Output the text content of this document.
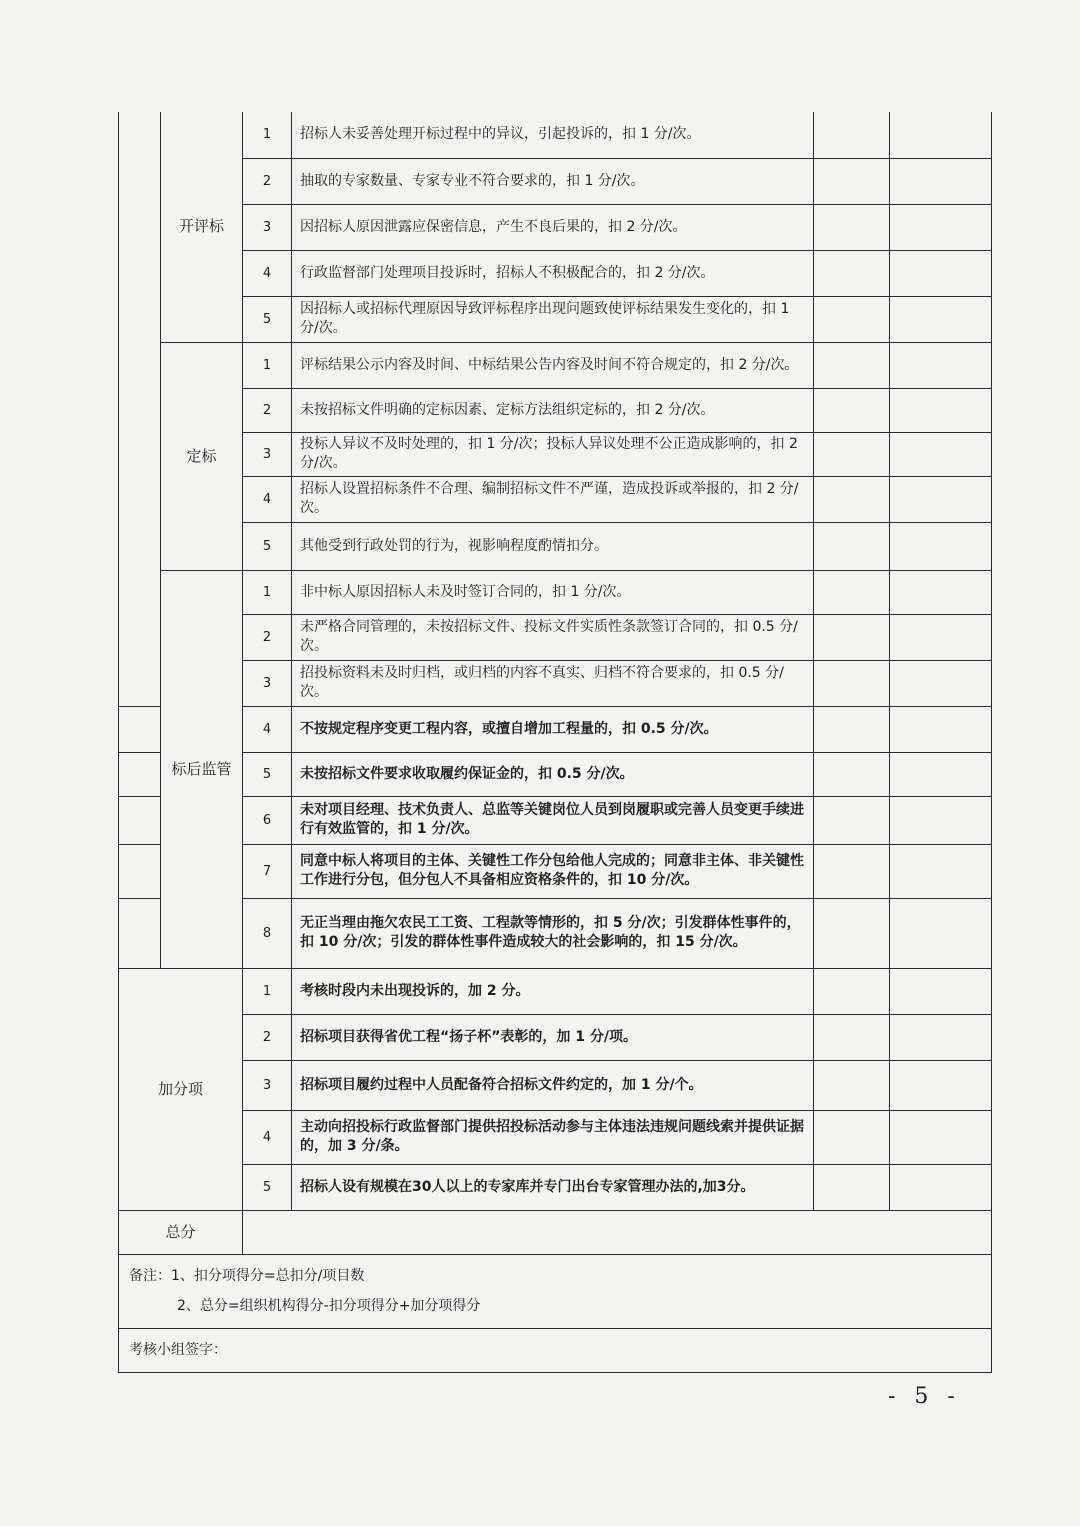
	开评标	1	招标人未妥善处理开标过程中的异议，引起投诉的，扣 1 分/次。		
		2	抽取的专家数量、专家专业不符合要求的，扣 1 分/次。		
		3	因招标人原因泄露应保密信息，产生不良后果的，扣 2 分/次。		
		4	行政监督部门处理项目投诉时，招标人不积极配合的，扣 2 分/次。		
		5	因招标人或招标代理原因导致评标程序出现问题致使评标结果发生变化的，扣 1 分/次。		
	定标	1	评标结果公示内容及时间、中标结果公告内容及时间不符合规定的，扣 2 分/次。		
		2	未按招标文件明确的定标因素、定标方法组织定标的，扣 2 分/次。		
		3	投标人异议不及时处理的，扣 1 分/次；投标人异议处理不公正造成影响的，扣 2 分/次。		
		4	招标人设置招标条件不合理、编制招标文件不严谨，造成投诉或举报的，扣 2 分/次。		
		5	其他受到行政处罚的行为，视影响程度酌情扣分。		
	标后监管	1	非中标人原因招标人未及时签订合同的，扣 1 分/次。		
		2	未严格合同管理的，未按招标文件、投标文件实质性条款签订合同的，扣 0.5 分/次。		
		3	招投标资料未及时归档，或归档的内容不真实、归档不符合要求的，扣 0.5 分/次。		
		4	不按规定程序变更工程内容，或擅自增加工程量的，扣 0.5 分/次。		
		5	未按招标文件要求收取履约保证金的，扣 0.5 分/次。		
		6	未对项目经理、技术负责人、总监等关键岗位人员到岗履职或完善人员变更手续进行有效监管的，扣 1 分/次。		
		7	同意中标人将项目的主体、关键性工作分包给他人完成的；同意非主体、非关键性工作进行分包，但分包人不具备相应资格条件的，扣 10 分/次。		
		8	无正当理由拖欠农民工工资、工程款等情形的，扣 5 分/次；引发群体性事件的，扣 10 分/次；引发的群体性事件造成较大的社会影响的，扣 15 分/次。		
加分项		1	考核时段内未出现投诉的，加 2 分。		
		2	招标项目获得省优工程“扬子杯”表彰的，加 1 分/项。		
		3	招标项目履约过程中人员配备符合招标文件约定的，加 1 分/个。		
		4	主动向招投标行政监督部门提供招投标活动参与主体违法违规问题线索并提供证据的，加 3 分/条。		
		5	招标人设有规模在30人以上的专家库并专门出台专家管理办法的,加3分。		
总分					
备注：1、扣分项得分=总扣分/项目数
2、总分=组织机构得分-扣分项得分+加分项得分					

考核小组签字：					
- 5 -
